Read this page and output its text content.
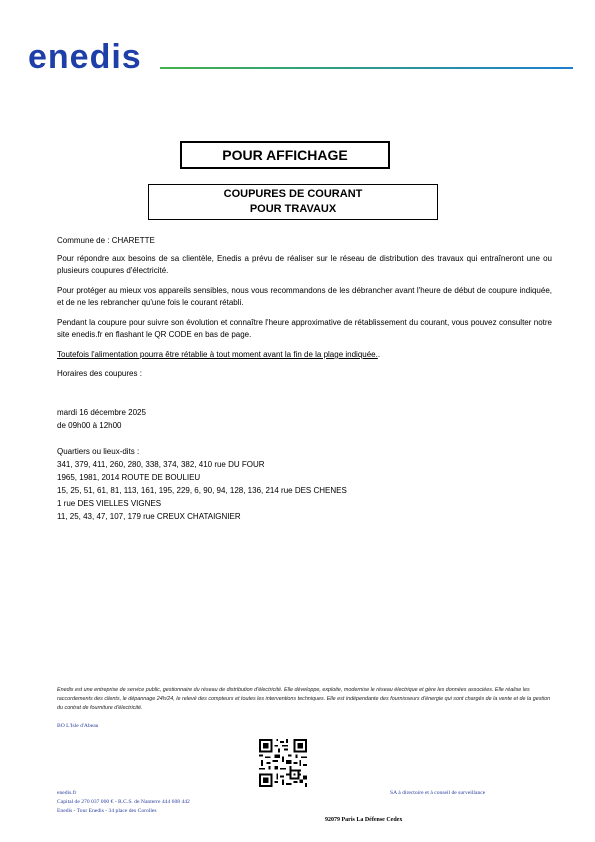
enedis
POUR AFFICHAGE
COUPURES DE COURANT
POUR TRAVAUX
Commune de : CHARETTE
Pour répondre aux besoins de sa clientèle, Enedis a prévu de réaliser sur le réseau de distribution des travaux qui entraîneront une ou plusieurs coupures d'électricité.
Pour protéger au mieux vos appareils sensibles, nous vous recommandons de les débrancher avant l'heure de début de coupure indiquée, et de ne les rebrancher qu'une fois le courant rétabli.
Pendant la coupure pour suivre son évolution et connaître l'heure approximative de rétablissement du courant, vous pouvez consulter notre site enedis.fr en flashant le QR CODE en bas de page.
Toutefois l'alimentation pourra être rétablie à tout moment avant la fin de la plage indiquée..
Horaires des coupures :
mardi 16 décembre 2025
de 09h00 à 12h00
Quartiers ou lieux-dits :
341, 379, 411, 260, 280, 338, 374, 382, 410 rue DU FOUR
1965, 1981, 2014 ROUTE DE BOULIEU
15, 25, 51, 61, 81, 113, 161, 195, 229, 6, 90, 94, 128, 136, 214 rue DES CHENES
1 rue DES VIELLES VIGNES
11, 25, 43, 47, 107, 179 rue CREUX CHATAIGNIER
Enedis est une entreprise de service public, gestionnaire du réseau de distribution d'électricité. Elle développe, exploite, modernise le réseau électrique et gère les données associées. Elle réalise les raccordements des clients, le dépannage 24h/24, le relevé des compteurs et toutes les interventions techniques. Elle est indépendante des fournisseurs d'énergie qui sont chargés de la vente et de la gestion du contrat de fourniture d'électricité.
BO L'Isle d'Abeau
enedis.fr	SA à directoire et à conseil de surveillance
Capital de 270 037 000 € - R.C.S. de Nanterre 444 608 442
Enedis - Tour Enedis - 34 place des Corolles
92079 Paris La Défense Cedex
